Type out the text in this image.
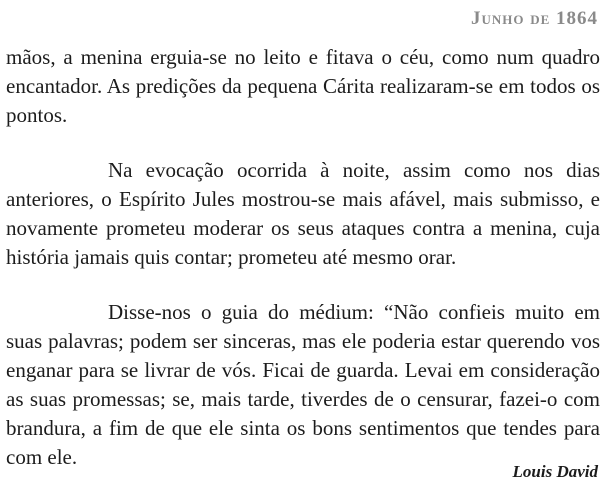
Junho de 1864

mãos, a menina erguia-se no leito e fitava o céu, como num quadro encantador. As predições da pequena Cárita realizaram-se em todos os pontos.

Na evocação ocorrida à noite, assim como nos dias anteriores, o Espírito Jules mostrou-se mais afável, mais submisso, e novamente prometeu moderar os seus ataques contra a menina, cuja história jamais quis contar; prometeu até mesmo orar.

Disse-nos o guia do médium: “Não confieis muito em suas palavras; podem ser sinceras, mas ele poderia estar querendo vos enganar para se livrar de vós. Ficai de guarda. Levai em consideração as suas promessas; se, mais tarde, tiverdes de o censurar, fazei-o com brandura, a fim de que ele sinta os bons sentimentos que tendes para com ele.

Louis David
